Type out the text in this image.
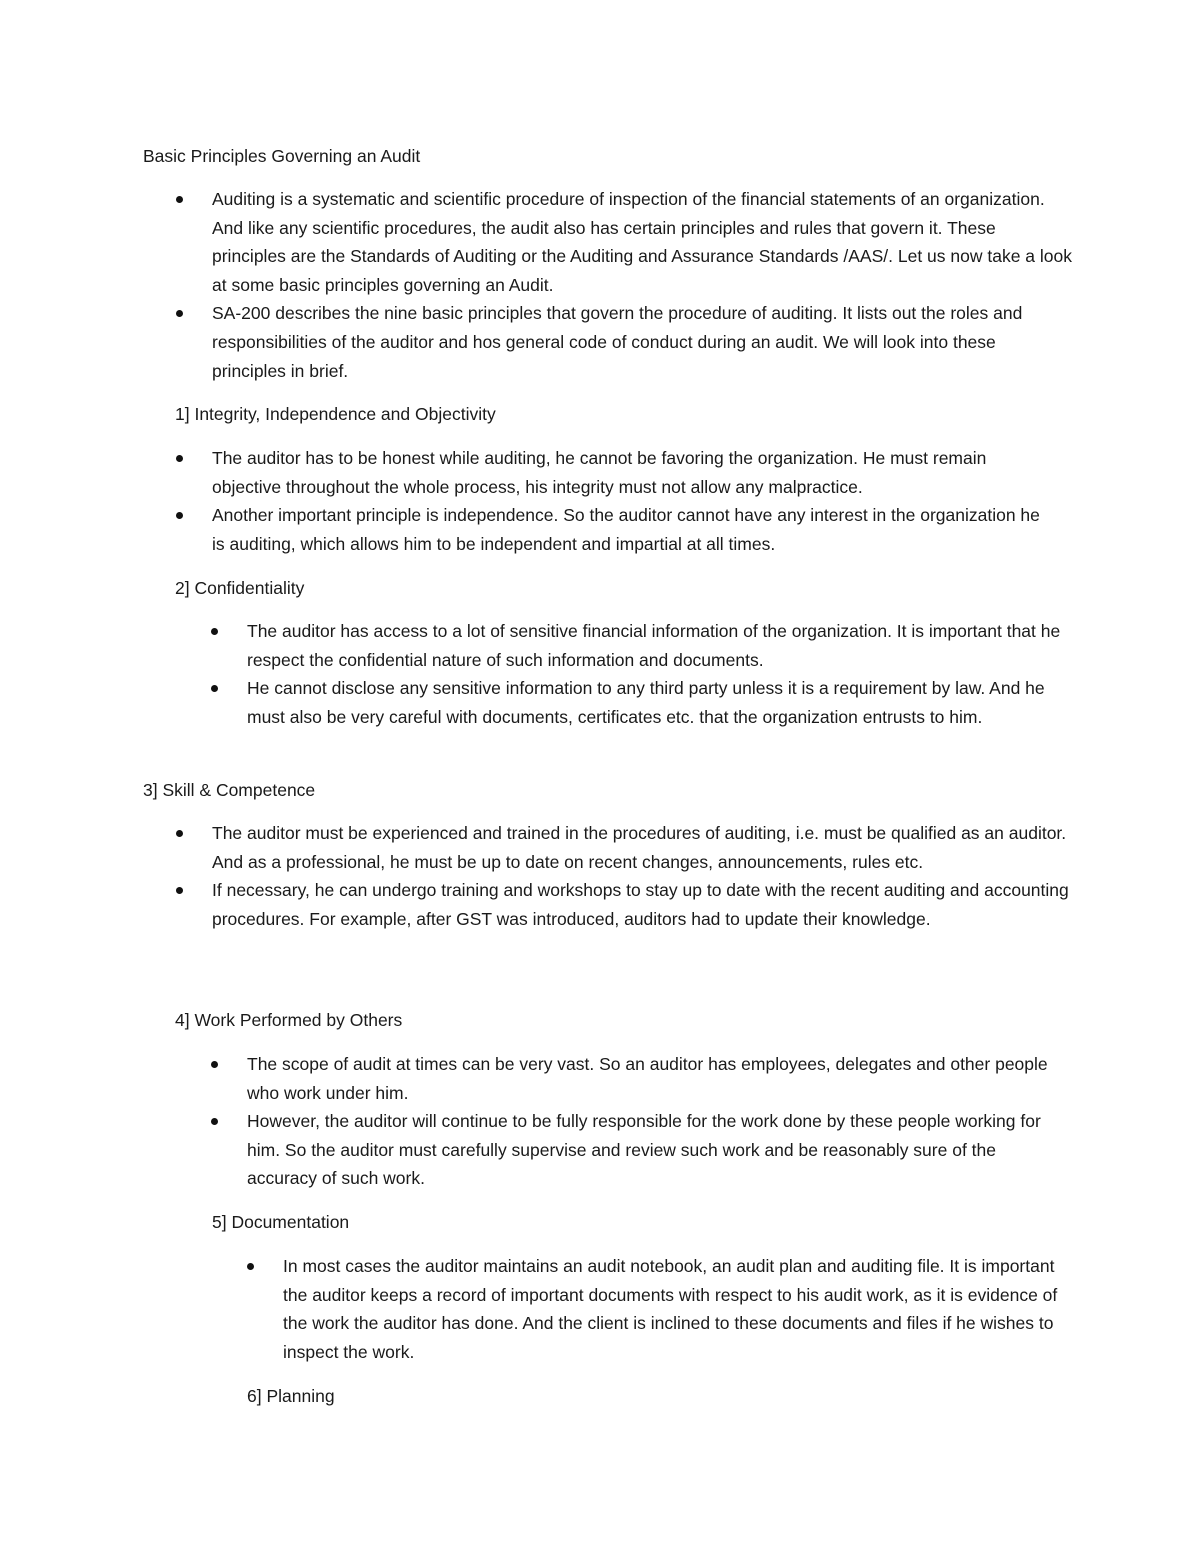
Basic Principles Governing an Audit
Auditing is a systematic and scientific procedure of inspection of the financial statements of an organization. And like any scientific procedures, the audit also has certain principles and rules that govern it. These principles are the Standards of Auditing or the Auditing and Assurance Standards /AAS/. Let us now take a look at some basic principles governing an Audit.
SA-200 describes the nine basic principles that govern the procedure of auditing. It lists out the roles and responsibilities of the auditor and hos general code of conduct during an audit. We will look into these principles in brief.
1] Integrity, Independence and Objectivity
The auditor has to be honest while auditing, he cannot be favoring the organization. He must remain objective throughout the whole process, his integrity must not allow any malpractice.
Another important principle is independence. So the auditor cannot have any interest in the organization he is auditing, which allows him to be independent and impartial at all times.
2] Confidentiality
The auditor has access to a lot of sensitive financial information of the organization. It is important that he respect the confidential nature of such information and documents.
He cannot disclose any sensitive information to any third party unless it is a requirement by law. And he must also be very careful with documents, certificates etc. that the organization entrusts to him.
3] Skill & Competence
The auditor must be experienced and trained in the procedures of auditing, i.e. must be qualified as an auditor. And as a professional, he must be up to date on recent changes, announcements, rules etc.
If necessary, he can undergo training and workshops to stay up to date with the recent auditing and accounting procedures. For example, after GST was introduced, auditors had to update their knowledge.
4] Work Performed by Others
The scope of audit at times can be very vast. So an auditor has employees, delegates and other people who work under him.
However, the auditor will continue to be fully responsible for the work done by these people working for him. So the auditor must carefully supervise and review such work and be reasonably sure of the accuracy of such work.
5] Documentation
In most cases the auditor maintains an audit notebook, an audit plan and auditing file. It is important the auditor keeps a record of important documents with respect to his audit work, as it is evidence of the work the auditor has done. And the client is inclined to these documents and files if he wishes to inspect the work.
6] Planning
